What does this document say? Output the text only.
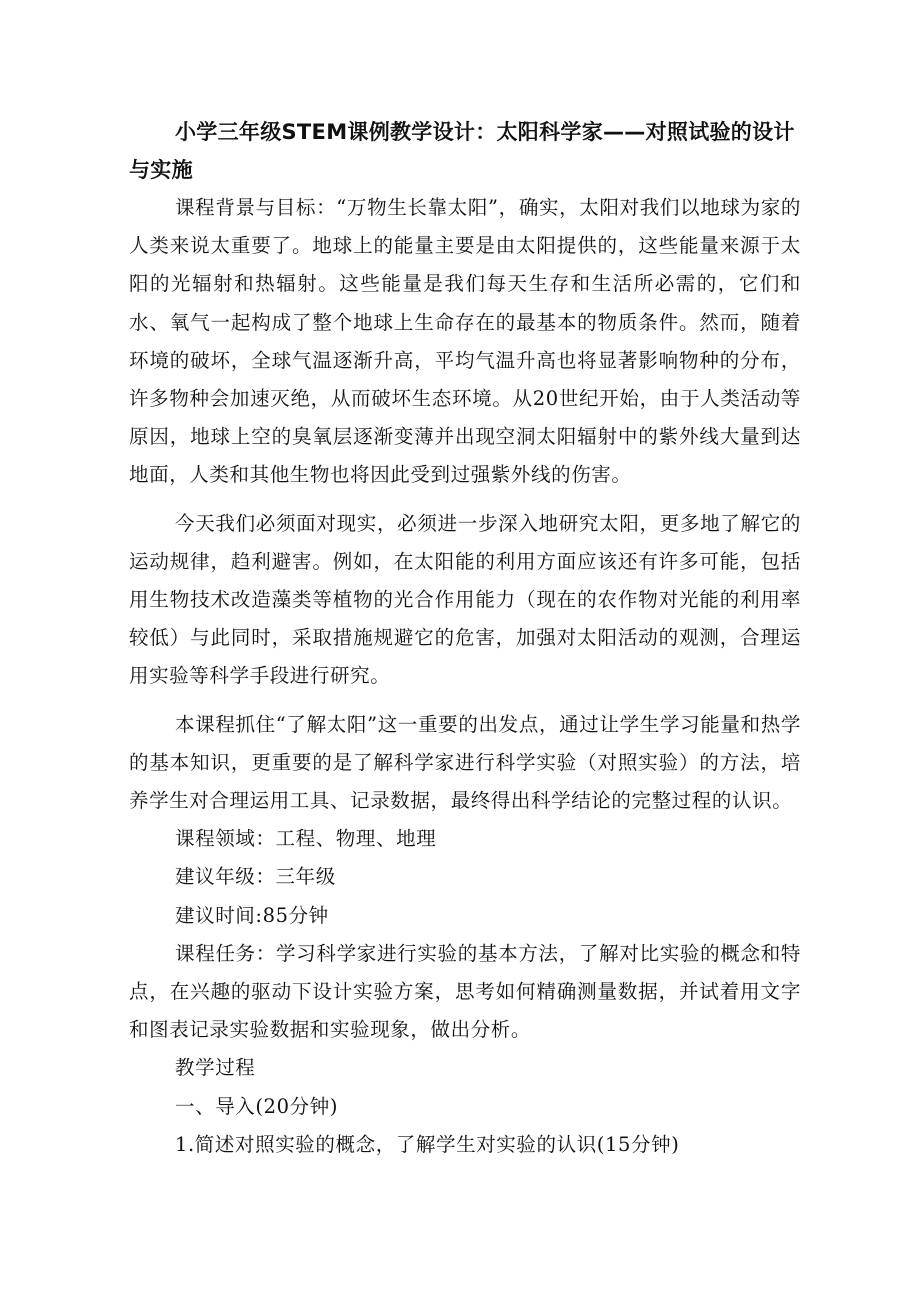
小学三年级STEM课例教学设计：太阳科学家——对照试验的设计与实施

课程背景与目标：“万物生长靠太阳”，确实，太阳对我们以地球为家的人类来说太重要了。地球上的能量主要是由太阳提供的，这些能量来源于太阳的光辐射和热辐射。这些能量是我们每天生存和生活所必需的，它们和水、氧气一起构成了整个地球上生命存在的最基本的物质条件。然而，随着环境的破坏，全球气温逐渐升高，平均气温升高也将显著影响物种的分布，许多物种会加速灭绝，从而破坏生态环境。从20世纪开始，由于人类活动等原因，地球上空的臭氧层逐渐变薄并出现空洞太阳辐射中的紫外线大量到达地面，人类和其他生物也将因此受到过强紫外线的伤害。

今天我们必须面对现实，必须进一步深入地研究太阳，更多地了解它的运动规律，趋利避害。例如，在太阳能的利用方面应该还有许多可能，包括用生物技术改造藻类等植物的光合作用能力（现在的农作物对光能的利用率较低）与此同时，采取措施规避它的危害，加强对太阳活动的观测，合理运用实验等科学手段进行研究。

本课程抓住“了解太阳”这一重要的出发点，通过让学生学习能量和热学的基本知识，更重要的是了解科学家进行科学实验（对照实验）的方法，培养学生对合理运用工具、记录数据，最终得出科学结论的完整过程的认识。

课程领域：工程、物理、地理

建议年级：三年级

建议时间:85分钟

课程任务：学习科学家进行实验的基本方法，了解对比实验的概念和特点，在兴趣的驱动下设计实验方案，思考如何精确测量数据，并试着用文字和图表记录实验数据和实验现象，做出分析。

教学过程

一、导入(20分钟)

1.简述对照实验的概念，了解学生对实验的认识(15分钟)
